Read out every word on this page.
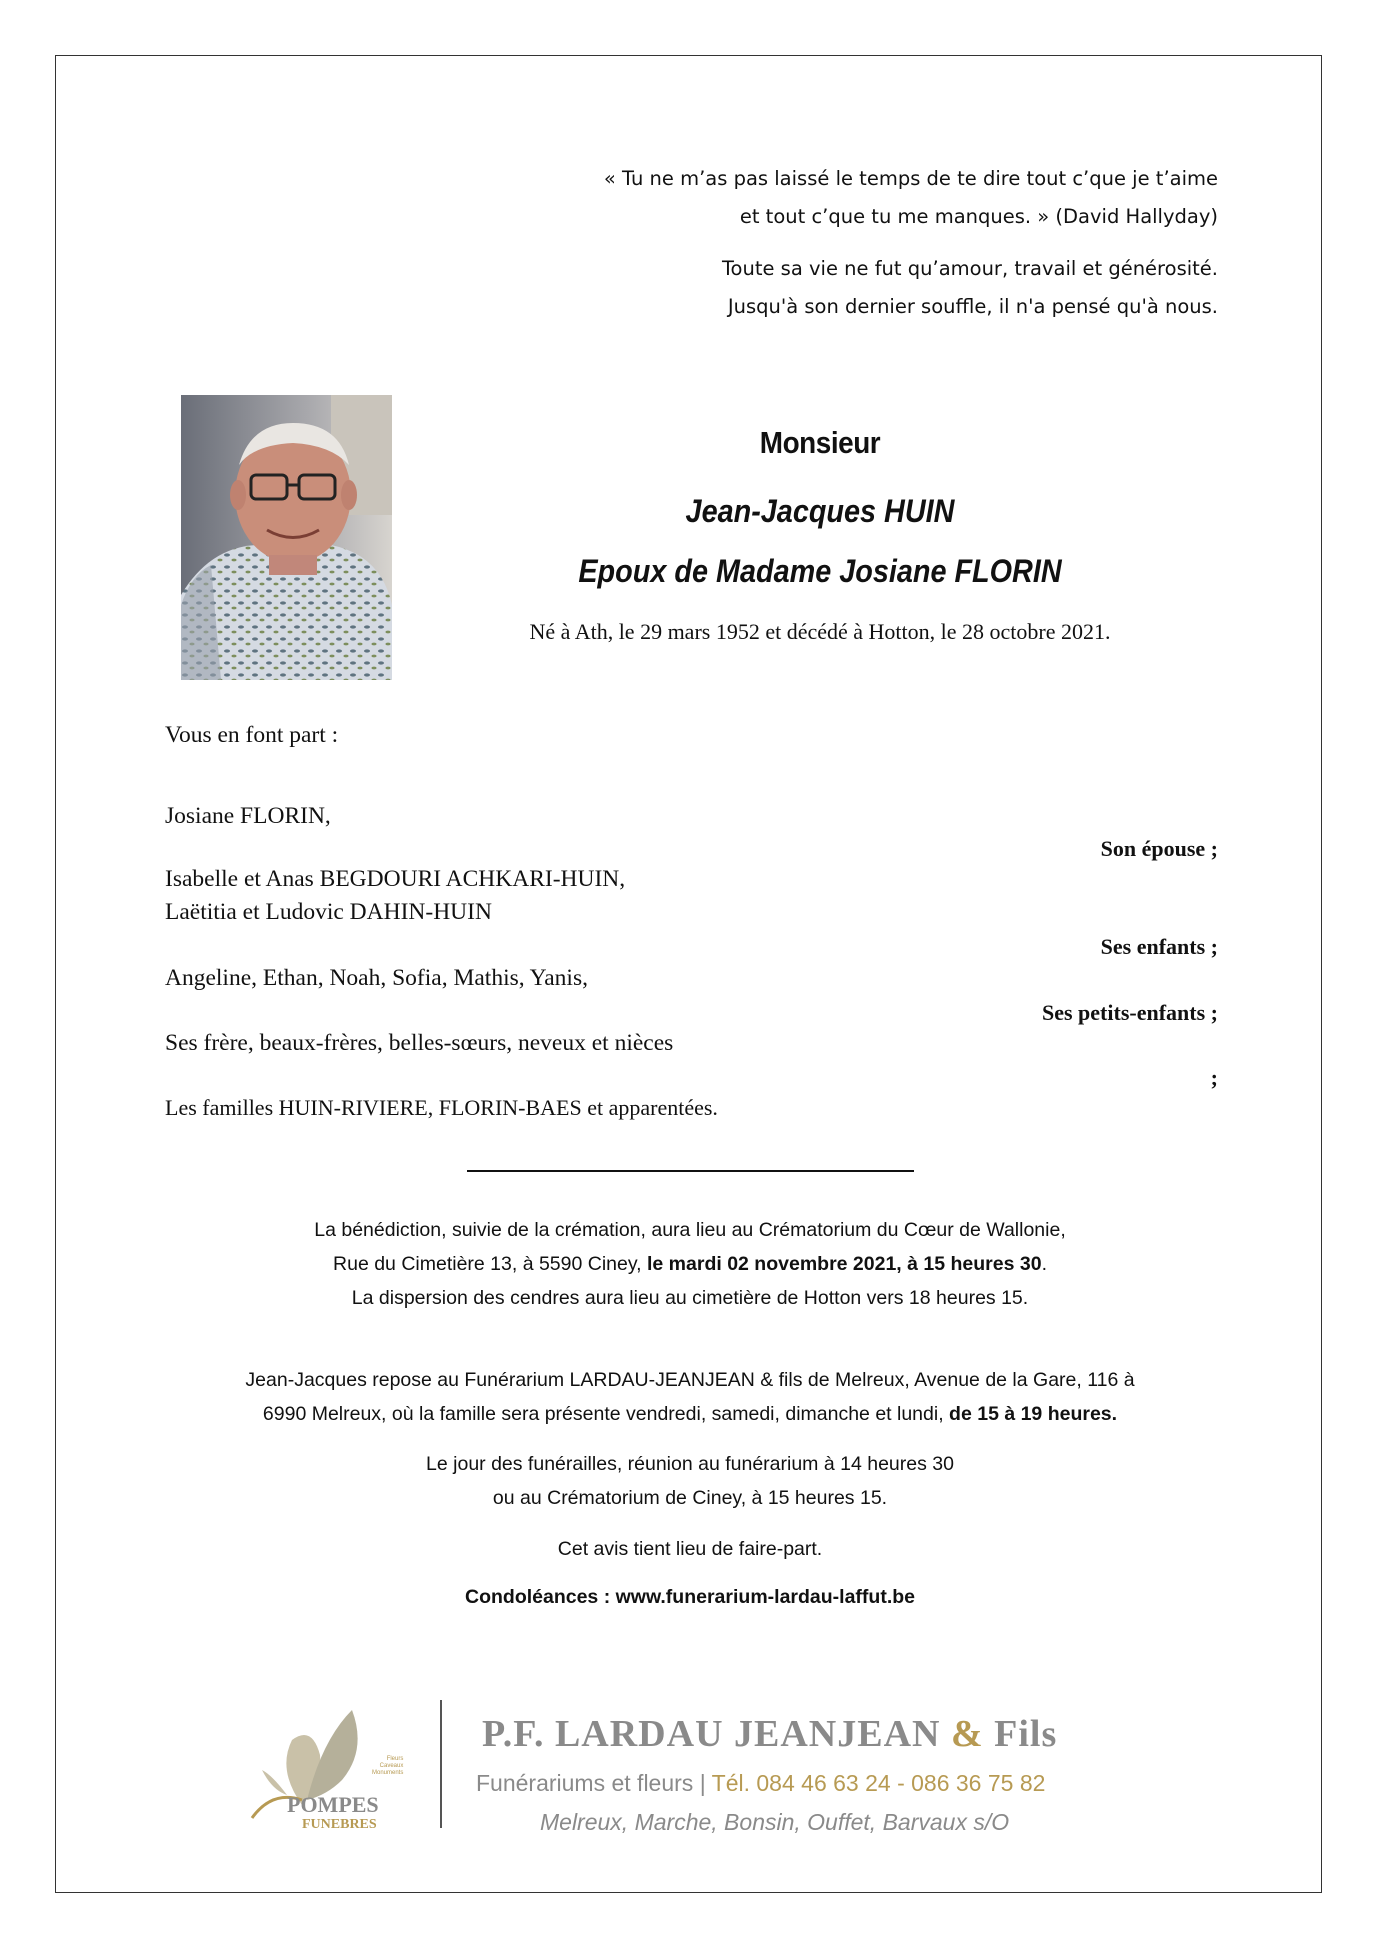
« Tu ne m’as pas laissé le temps de te dire tout c’que je t’aime

et tout c’que tu me manques. » (David Hallyday)

Toute sa vie ne fut qu’amour, travail et générosité.

Jusqu'à son dernier souffle, il n'a pensé qu'à nous.

Monsieur
Jean-Jacques HUIN
Epoux de Madame Josiane FLORIN
Né à Ath, le 29 mars 1952 et décédé à Hotton, le 28 octobre 2021.
Vous en font part :
Josiane FLORIN,
Son épouse ;
Isabelle et Anas BEGDOURI ACHKARI-HUIN,
Laëtitia et Ludovic DAHIN-HUIN
Ses enfants ;
Angeline, Ethan, Noah, Sofia, Mathis, Yanis,
Ses petits-enfants ;
Ses frère, beaux-frères, belles-sœurs, neveux et nièces
;
Les familles HUIN-RIVIERE, FLORIN-BAES et apparentées.

La bénédiction, suivie de la crémation, aura lieu au Crématorium du Cœur de Wallonie,

Rue du Cimetière 13, à 5590 Ciney, le mardi 02 novembre 2021, à 15 heures 30.

La dispersion des cendres aura lieu au cimetière de Hotton vers 18 heures 15.

Jean-Jacques repose au Funérarium LARDAU-JEANJEAN & fils de Melreux, Avenue de la Gare, 116 à

6990 Melreux, où la famille sera présente vendredi, samedi, dimanche et lundi, de 15 à 19 heures.

Le jour des funérailles, réunion au funérarium à 14 heures 30

ou au Crématorium de Ciney, à 15 heures 15.

Cet avis tient lieu de faire-part.
Condoléances : www.funerarium-lardau-laffut.be
POMPES
FUNEBRES
Fleurs
Caveaux
Monuments
P.F. LARDAU JEANJEAN & Fils
Funérariums et fleurs | Tél. 084 46 63 24 - 086 36 75 82
Melreux, Marche, Bonsin, Ouffet, Barvaux s/O
